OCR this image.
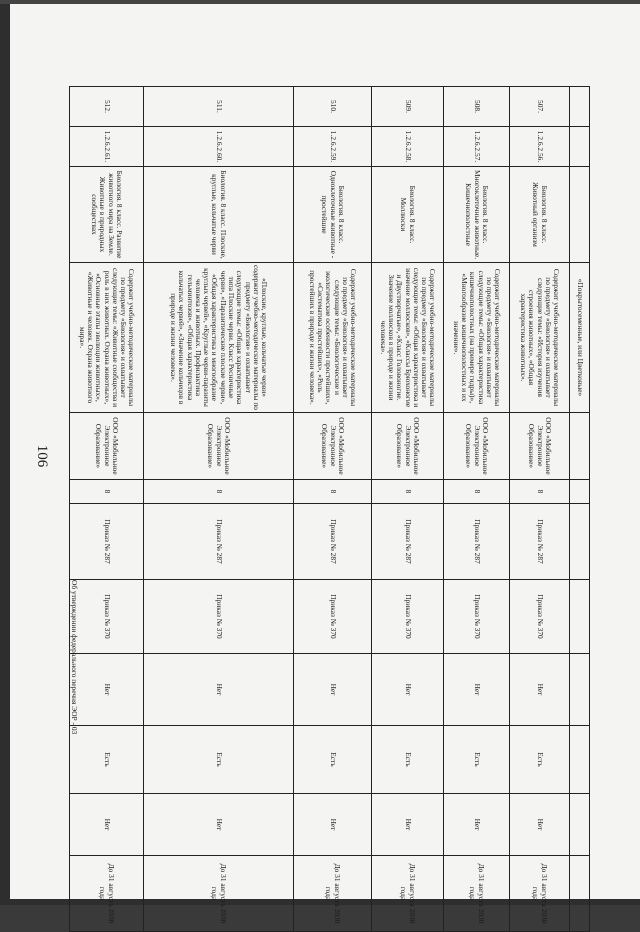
106
			«Покрытосеменные, или Цветковые»								
507.	1.2.6.2.56.	Биология. 8 класс. Животный организм	Содержит учебно-методические материалы по предмету «Биология» и охватывает следующие темы: «История изучения строения животных», «Общая характеристика животных».	ООО «Мобильное Электронное Образование»	8	Приказ № 287	Приказ № 370	Нет	Есть	Нет	До 31 августа 2030 года
508.	1.2.6.2.57.	Биология. 8 класс. Многоклеточные животные. Кишечнополостные	Содержит учебно-методические материалы по предмету «Биология» и охватывает следующие темы: «Общая характеристика кишечнополостных (на примере гидры)», «Многообразие кишечнополостных и их значение».	ООО «Мобильное Электронное Образование»	8	Приказ № 287	Приказ № 370	Нет	Есть	Нет	До 31 августа 2030 года
509.	1.2.6.2.58.	Биология. 8 класс. Моллюски	Содержит учебно-методические материалы по предмету «Биология» и охватывает следующие темы: «Общая характеристика и значение моллюсков», «Классы Брюхоногие и Двустворчатые», «Класс Головоногие. Значение моллюсков в природе и жизни человека».	ООО «Мобильное Электронное Образование»	8	Приказ № 287	Приказ № 370	Нет	Есть	Нет	До 31 августа 2030 года
510.	1.2.6.2.59.	Биология. 8 класс. Одноклеточные животные - простейшие	Содержит учебно-методические материалы по предмету «Биология» и охватывает следующие темы: «Биологические и экологические особенности простейших», «Систематика простейших», «Роль простейших в природе и жизни человека».	ООО «Мобильное Электронное Образование»	8	Приказ № 287	Приказ № 370	Нет	Есть	Нет	До 31 августа 2030 года
511.	1.2.6.2.60.	Биология. 8 класс. Плоские, круглые, кольчатые черви	«Плоские, круглые, кольчатые черви» содержит учебно-методические материалы по предмету «Биология» и охватывает следующие темы: «Общая характеристика типа Плоские черви. Класс Ресничные черви», «Паразитические плоские черви», «Общая характеристика и многообразие круглых червей», «Круглые черви-паразиты человека и животных. Профилактика гельминтозов», «Общая характеристика кольчатых червей», «Значение кольчецов в природе и жизни человека».	ООО «Мобильное Электронное Образование»	8	Приказ № 287	Приказ № 370	Нет	Есть	Нет	До 31 августа 2030 года
512.	1.2.6.2.61.	Биология. 8 класс. Развитие животного мира на Земле. Животные в природных сообществах	Содержит учебно-методические материалы по предмету «Биология» и охватывает следующие темы: «Животные сообщества и роль в них животных. Охрана животных», «Основные этапы эволюции животных», «Животные и человек. Охрана животного мира».	ООО «Мобильное Электронное Образование»	8	Приказ № 287	Приказ № 370	Нет	Есть	Нет	До 31 августа 2030 года
Об утверждении федерального перечня ЭОР - 03
